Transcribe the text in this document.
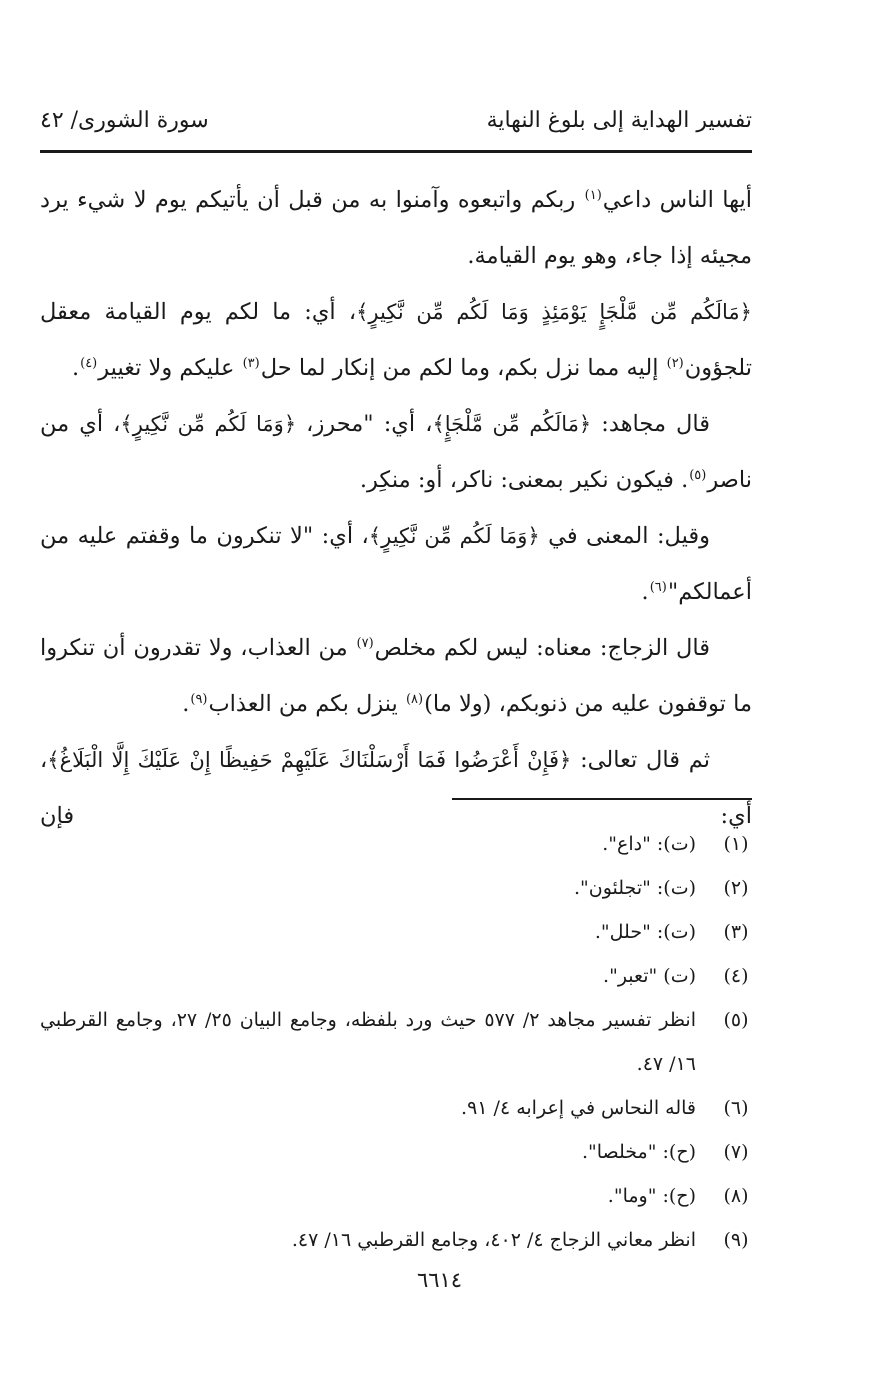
تفسير الهداية إلى بلوغ النهاية
سورة الشورى/ ٤٢

أيها الناس داعي$^{(١)}$ ربكم واتبعوه وآمنوا به من قبل أن يأتيكم يوم لا شيء يرد مجيئه إذا جاء، وهو يوم القيامة.

﴿مَالَكُم مِّن مَّلْجَإٍ يَوْمَئِذٍ وَمَا لَكُم مِّن نَّكِيرٍ﴾، أي: ما لكم يوم القيامة معقل تلجؤون$^{(٢)}$ إليه مما نزل بكم، وما لكم من إنكار لما حل$^{(٣)}$ عليكم ولا تغيير$^{(٤)}$.

قال مجاهد: ﴿مَالَكُم مِّن مَّلْجَإٍ﴾، أي: "محرز، ﴿وَمَا لَكُم مِّن نَّكِيرٍ﴾، أي من ناصر$^{(٥)}$. فيكون نكير بمعنى: ناكر، أو: منكِر.

وقيل: المعنى في ﴿وَمَا لَكُم مِّن نَّكِيرٍ﴾، أي: "لا تنكرون ما وقفتم عليه من أعمالكم"$^{(٦)}$.

قال الزجاج: معناه: ليس لكم مخلص$^{(٧)}$ من العذاب، ولا تقدرون أن تنكروا ما توقفون عليه من ذنوبكم، (ولا ما)$^{(٨)}$ ينزل بكم من العذاب$^{(٩)}$.

ثم قال تعالى: ﴿فَإِنْ أَعْرَضُوا فَمَا أَرْسَلْنَاكَ عَلَيْهِمْ حَفِيظًا إِنْ عَلَيْكَ إِلَّا الْبَلَاغُ﴾، أي: فإن

(١)
(ت): "داع".
(٢)
(ت): "تجلئون".
(٣)
(ت): "حلل".
(٤)
(ت) "تعبر".
(٥)
انظر تفسير مجاهد ٢/ ٥٧٧ حيث ورد بلفظه، وجامع البيان ٢٥/ ٢٧، وجامع القرطبي ١٦/ ٤٧.
(٦)
قاله النحاس في إعرابه ٤/ ٩١.
(٧)
(ح): "مخلصا".
(٨)
(ح): "وما".
(٩)
انظر معاني الزجاج ٤/ ٤٠٢، وجامع القرطبي ١٦/ ٤٧.
٦٦١٤
